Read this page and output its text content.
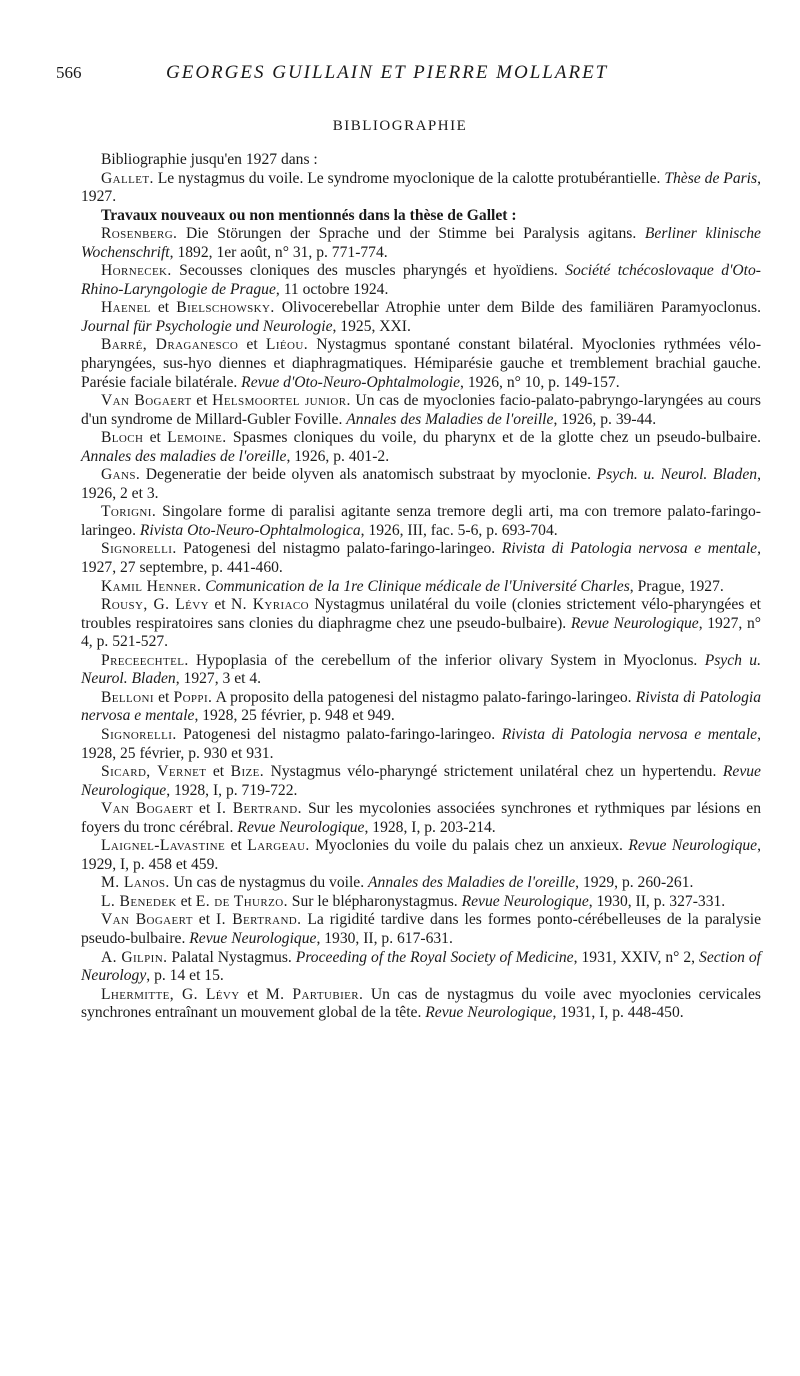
566	GEORGES GUILLAIN ET PIERRE MOLLARET
BIBLIOGRAPHIE

Bibliographie jusqu'en 1927 dans :

Gallet. Le nystagmus du voile. Le syndrome myoclonique de la calotte protubérantielle. Thèse de Paris, 1927.

Travaux nouveaux ou non mentionnés dans la thèse de Gallet :

Rosenberg. Die Störungen der Sprache und der Stimme bei Paralysis agitans. Berliner klinische Wochenschrift, 1892, 1er août, n° 31, p. 771-774.

Hornecek. Secousses cloniques des muscles pharyngés et hyoïdiens. Société tchécoslovaque d'Oto-Rhino-Laryngologie de Prague, 11 octobre 1924.

Haenel et Bielschowsky. Olivocerebellar Atrophie unter dem Bilde des familiären Paramyoclonus. Journal für Psychologie und Neurologie, 1925, XXI.

Barré, Draganesco et Liéou. Nystagmus spontané constant bilatéral. Myoclonies rythmées vélo-pharyngées, sus-hyo diennes et diaphragmatiques. Hémiparésie gauche et tremblement brachial gauche. Parésie faciale bilatérale. Revue d'Oto-Neuro-Ophtalmologie, 1926, n° 10, p. 149-157.

Van Bogaert et Helsmoortel junior. Un cas de myoclonies facio-palato-pabryngo-laryngées au cours d'un syndrome de Millard-Gubler Foville. Annales des Maladies de l'oreille, 1926, p. 39-44.

Bloch et Lemoine. Spasmes cloniques du voile, du pharynx et de la glotte chez un pseudo-bulbaire. Annales des maladies de l'oreille, 1926, p. 401-2.

Gans. Degeneratie der beide olyven als anatomisch substraat by myoclonie. Psych. u. Neurol. Bladen, 1926, 2 et 3.

Torigni. Singolare forme di paralisi agitante senza tremore degli arti, ma con tremore palato-faringo-laringeo. Rivista Oto-Neuro-Ophtalmologica, 1926, III, fac. 5-6, p. 693-704.

Signorelli. Patogenesi del nistagmo palato-faringo-laringeo. Rivista di Patologia nervosa e mentale, 1927, 27 septembre, p. 441-460.

Kamil Henner. Communication de la 1re Clinique médicale de l'Université Charles, Prague, 1927.

Rousy, G. Lévy et N. Kyriaco Nystagmus unilatéral du voile (clonies strictement vélo-pharyngées et troubles respiratoires sans clonies du diaphragme chez une pseudo-bulbaire). Revue Neurologique, 1927, n° 4, p. 521-527.

Preceechtel. Hypoplasia of the cerebellum of the inferior olivary System in Myoclonus. Psych u. Neurol. Bladen, 1927, 3 et 4.

Belloni et Poppi. A proposito della patogenesi del nistagmo palato-faringo-laringeo. Rivista di Patologia nervosa e mentale, 1928, 25 février, p. 948 et 949.

Signorelli. Patogenesi del nistagmo palato-faringo-laringeo. Rivista di Patologia nervosa e mentale, 1928, 25 février, p. 930 et 931.

Sicard, Vernet et Bize. Nystagmus vélo-pharyngé strictement unilatéral chez un hypertendu. Revue Neurologique, 1928, I, p. 719-722.

Van Bogaert et I. Bertrand. Sur les mycolonies associées synchrones et rythmiques par lésions en foyers du tronc cérébral. Revue Neurologique, 1928, I, p. 203-214.

Laignel-Lavastine et Largeau. Myoclonies du voile du palais chez un anxieux. Revue Neurologique, 1929, I, p. 458 et 459.

M. Lanos. Un cas de nystagmus du voile. Annales des Maladies de l'oreille, 1929, p. 260-261.

L. Benedek et E. de Thurzo. Sur le blépharonystagmus. Revue Neurologique, 1930, II, p. 327-331.

Van Bogaert et I. Bertrand. La rigidité tardive dans les formes ponto-cérébelleuses de la paralysie pseudo-bulbaire. Revue Neurologique, 1930, II, p. 617-631.

A. Gilpin. Palatal Nystagmus. Proceeding of the Royal Society of Medicine, 1931, XXIV, n° 2, Section of Neurology, p. 14 et 15.

Lhermitte, G. Lévy et M. Partubier. Un cas de nystagmus du voile avec myoclonies cervicales synchrones entraînant un mouvement global de la tête. Revue Neurologique, 1931, I, p. 448-450.
